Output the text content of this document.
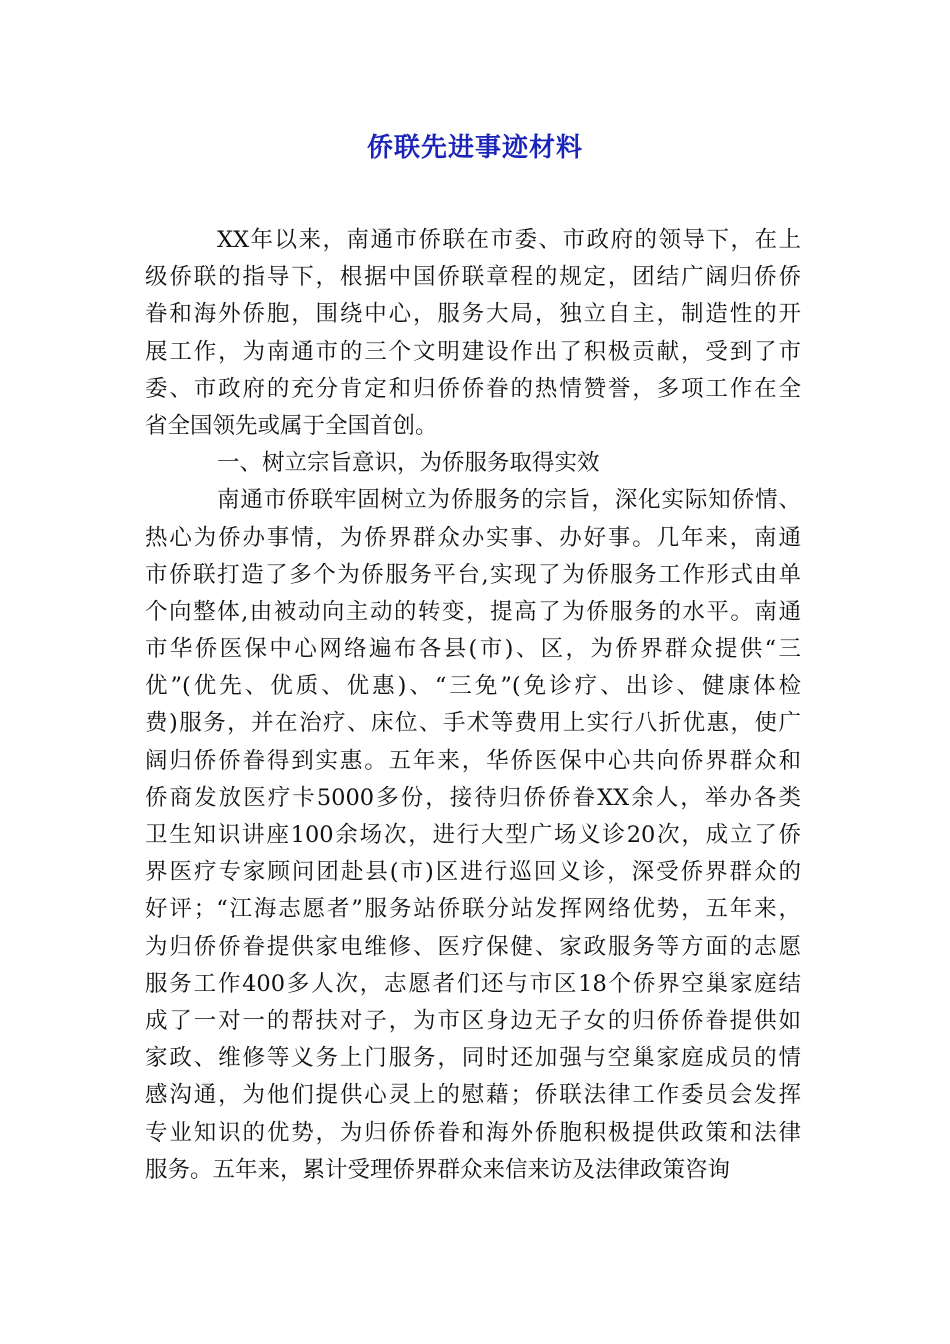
侨联先进事迹材料
XX年以来，南通市侨联在市委、市政府的领导下，在上
级侨联的指导下，根据中国侨联章程的规定，团结广阔归侨侨
眷和海外侨胞，围绕中心，服务大局，独立自主，制造性的开
展工作，为南通市的三个文明建设作出了积极贡献，受到了市
委、市政府的充分肯定和归侨侨眷的热情赞誉，多项工作在全
省全国领先或属于全国首创。
一、树立宗旨意识，为侨服务取得实效
南通市侨联牢固树立为侨服务的宗旨，深化实际知侨情、
热心为侨办事情，为侨界群众办实事、办好事。几年来，南通
市侨联打造了多个为侨服务平台,实现了为侨服务工作形式由单
个向整体,由被动向主动的转变，提高了为侨服务的水平。南通
市华侨医保中心网络遍布各县(市)、区，为侨界群众提供“三
优”(优先、优质、优惠)、“三免”(免诊疗、出诊、健康体检
费)服务，并在治疗、床位、手术等费用上实行八折优惠，使广
阔归侨侨眷得到实惠。五年来，华侨医保中心共向侨界群众和
侨商发放医疗卡5000多份，接待归侨侨眷XX余人，举办各类
卫生知识讲座100余场次，进行大型广场义诊20次，成立了侨
界医疗专家顾问团赴县(市)区进行巡回义诊，深受侨界群众的
好评；“江海志愿者”服务站侨联分站发挥网络优势，五年来，
为归侨侨眷提供家电维修、医疗保健、家政服务等方面的志愿
服务工作400多人次，志愿者们还与市区18个侨界空巢家庭结
成了一对一的帮扶对子，为市区身边无子女的归侨侨眷提供如
家政、维修等义务上门服务，同时还加强与空巢家庭成员的情
感沟通，为他们提供心灵上的慰藉；侨联法律工作委员会发挥
专业知识的优势，为归侨侨眷和海外侨胞积极提供政策和法律
服务。五年来，累计受理侨界群众来信来访及法律政策咨询
